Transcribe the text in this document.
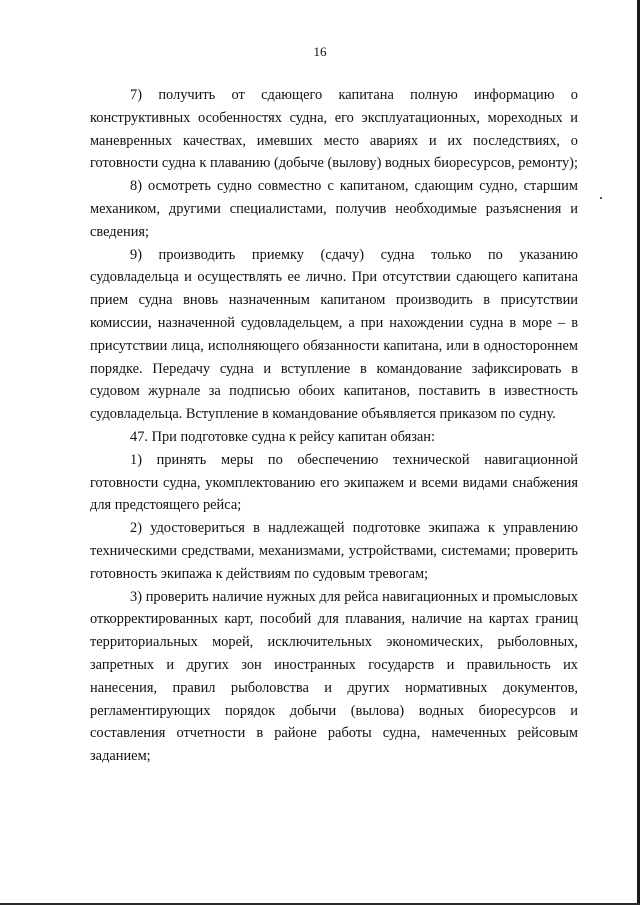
16

7) получить от сдающего капитана полную информацию о конструктивных особенностях судна, его эксплуатационных, мореходных и маневренных качествах, имевших место авариях и их последствиях, о готовности судна к плаванию (добыче (вылову) водных биоресурсов, ремонту);

8) осмотреть судно совместно с капитаном, сдающим судно, старшим механиком, другими специалистами, получив необходимые разъяснения и сведения;

9) производить приемку (сдачу) судна только по указанию судовладельца и осуществлять ее лично. При отсутствии сдающего капитана прием судна вновь назначенным капитаном производить в присутствии комиссии, назначенной судовладельцем, а при нахождении судна в море – в присутствии лица, исполняющего обязанности капитана, или в одностороннем порядке. Передачу судна и вступление в командование зафиксировать в судовом журнале за подписью обоих капитанов, поставить в известность судовладельца. Вступление в командование объявляется приказом по судну.

47. При подготовке судна к рейсу капитан обязан:

1) принять меры по обеспечению технической навигационной готовности судна, укомплектованию его экипажем и всеми видами снабжения для предстоящего рейса;

2) удостовериться в надлежащей подготовке экипажа к управлению техническими средствами, механизмами, устройствами, системами; проверить готовность экипажа к действиям по судовым тревогам;

3) проверить наличие нужных для рейса навигационных и промысловых откорректированных карт, пособий для плавания, наличие на картах границ территориальных морей, исключительных экономических, рыболовных, запретных и других зон иностранных государств и правильность их нанесения, правил рыболовства и других нормативных документов, регламентирующих порядок добычи (вылова) водных биоресурсов и составления отчетности в районе работы судна, намеченных рейсовым заданием;
